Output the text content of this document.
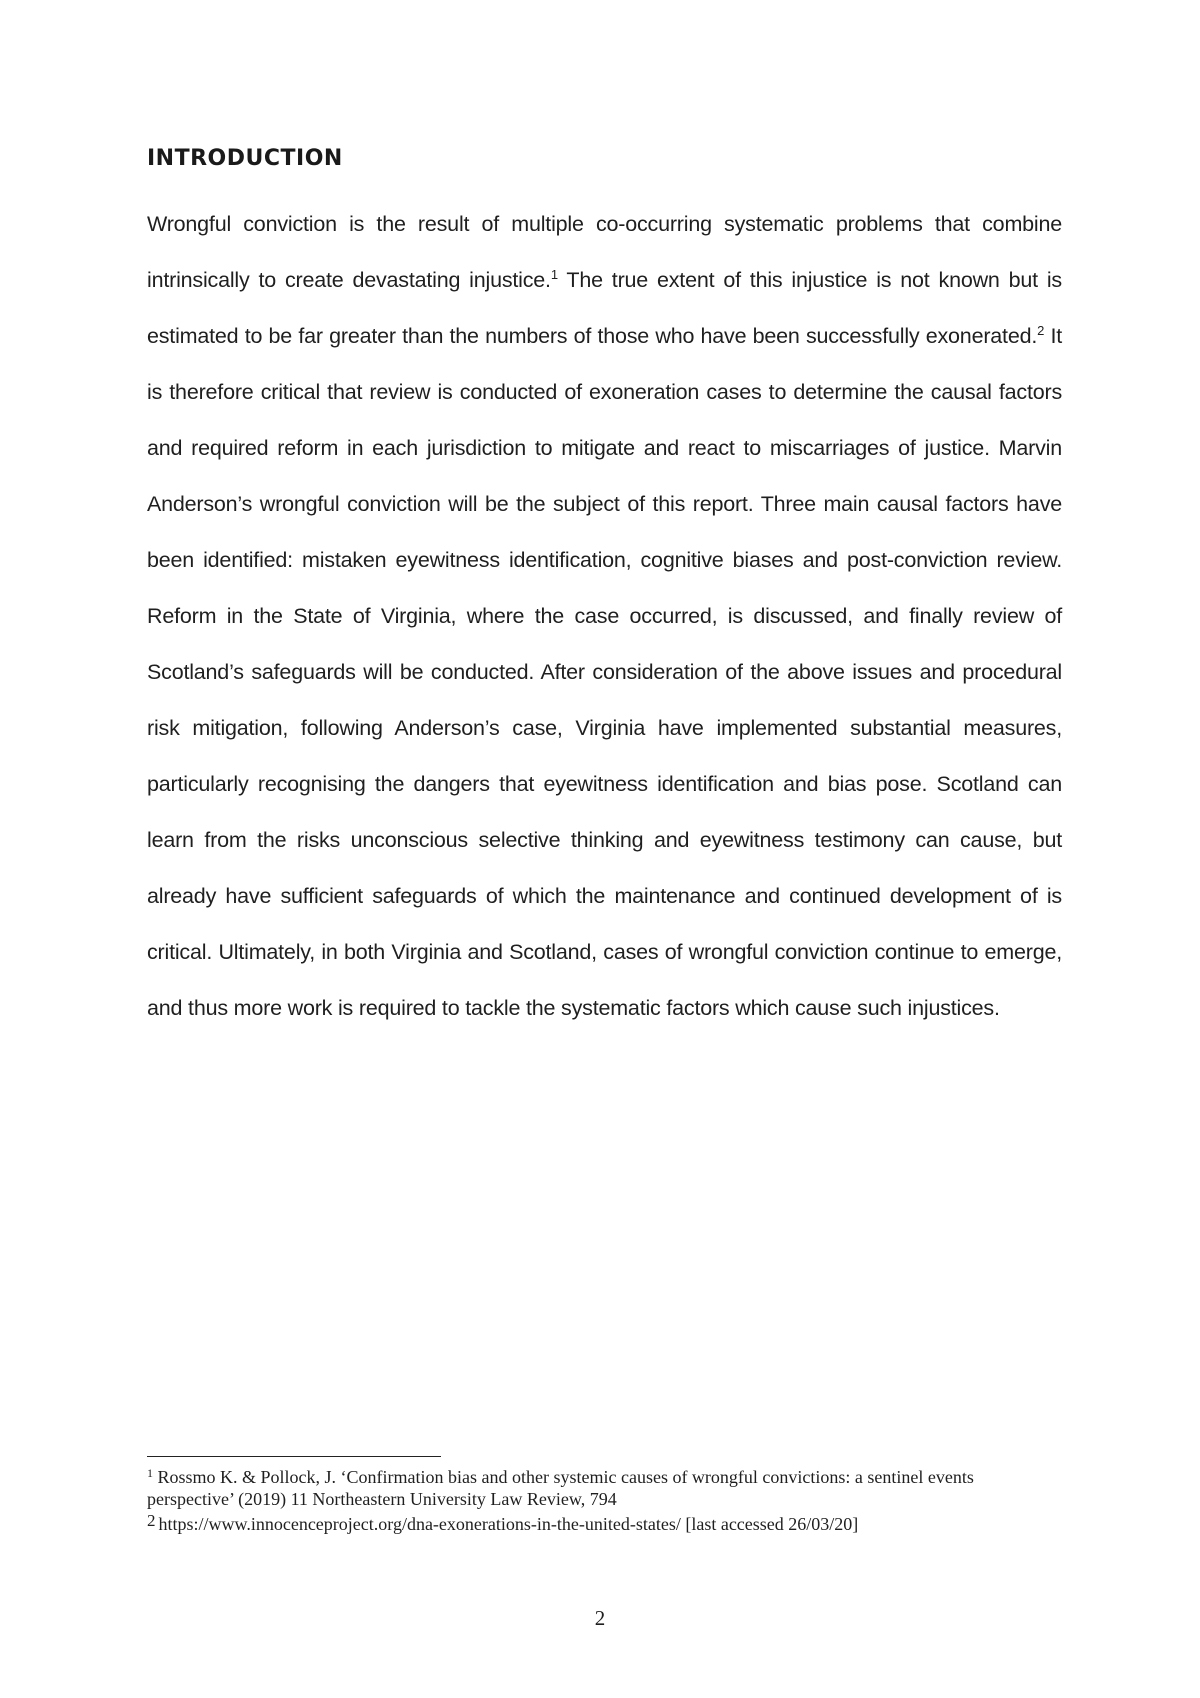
INTRODUCTION

Wrongful conviction is the result of multiple co-occurring systematic problems that combine intrinsically to create devastating injustice.$^1$ The true extent of this injustice is not known but is estimated to be far greater than the numbers of those who have been successfully exonerated.$^2$ It is therefore critical that review is conducted of exoneration cases to determine the causal factors and required reform in each jurisdiction to mitigate and react to miscarriages of justice. Marvin Anderson’s wrongful conviction will be the subject of this report. Three main causal factors have been identified: mistaken eyewitness identification, cognitive biases and post-conviction review. Reform in the State of Virginia, where the case occurred, is discussed, and finally review of Scotland’s safeguards will be conducted. After consideration of the above issues and procedural risk mitigation, following Anderson’s case, Virginia have implemented substantial measures, particularly recognising the dangers that eyewitness identification and bias pose. Scotland can learn from the risks unconscious selective thinking and eyewitness testimony can cause, but already have sufficient safeguards of which the maintenance and continued development of is critical. Ultimately, in both Virginia and Scotland, cases of wrongful conviction continue to emerge, and thus more work is required to tackle the systematic factors which cause such injustices.

$^1$ Rossmo K. & Pollock, J. ‘Confirmation bias and other systemic causes of wrongful convictions: a sentinel events perspective’ (2019) 11 Northeastern University Law Review, 794

2 https://www.innocenceproject.org/dna-exonerations-in-the-united-states/ [last accessed 26/03/20]

2
